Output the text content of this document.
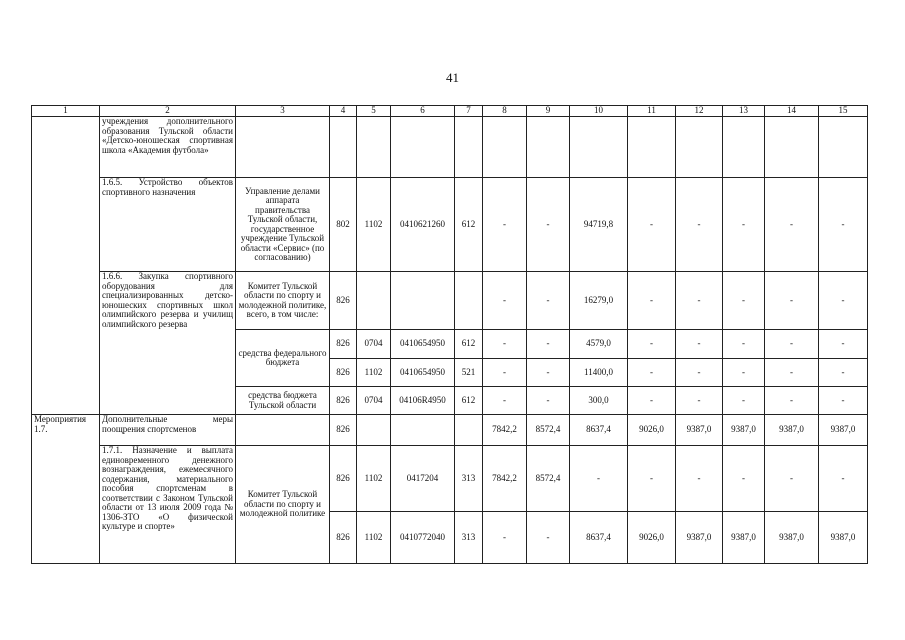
41
1	2	3	4	5	6	7	8	9	10	11	12	13	14	15
	учреждения дополнительного образования Тульской области «Детско-юношеская спортивная школа «Академия футбола»													
	1.6.5. Устройство объектов спортивного назначения	Управление делами аппарата правительства Тульской области, государственное учреждение Тульской области «Сервис» (по согласованию)	802	1102	0410621260	612	-	-	94719,8	-	-	-	-	-
	1.6.6. Закупка спортивного оборудования для специализированных детско-юношеских спортивных школ олимпийского резерва и училищ олимпийского резерва	Комитет Тульской области по спорту и молодежной политике, всего, в том числе:	826				-	-	16279,0	-	-	-	-	-
		средства федерального бюджета	826	0704	0410654950	612	-	-	4579,0	-	-	-	-	-
			826	1102	0410654950	521	-	-	11400,0	-	-	-	-	-
		средства бюджета Тульской области	826	0704	04106R4950	612	-	-	300,0	-	-	-	-	-
Мероприятия 1.7.	Дополнительные меры поощрения спортсменов		826				7842,2	8572,4	8637,4	9026,0	9387,0	9387,0	9387,0	9387,0
	1.7.1. Назначение и выплата единовременного денежного вознаграждения, ежемесячного содержания, материального пособия спортсменам в соответствии с Законом Тульской области от 13 июля 2009 года № 1306-ЗТО «О физической культуре и спорте»	Комитет Тульской области по спорту и молодежной политике	826	1102	0417204	313	7842,2	8572,4	-	-	-	-	-	-
			826	1102	0410772040	313	-	-	8637,4	9026,0	9387,0	9387,0	9387,0	9387,0
